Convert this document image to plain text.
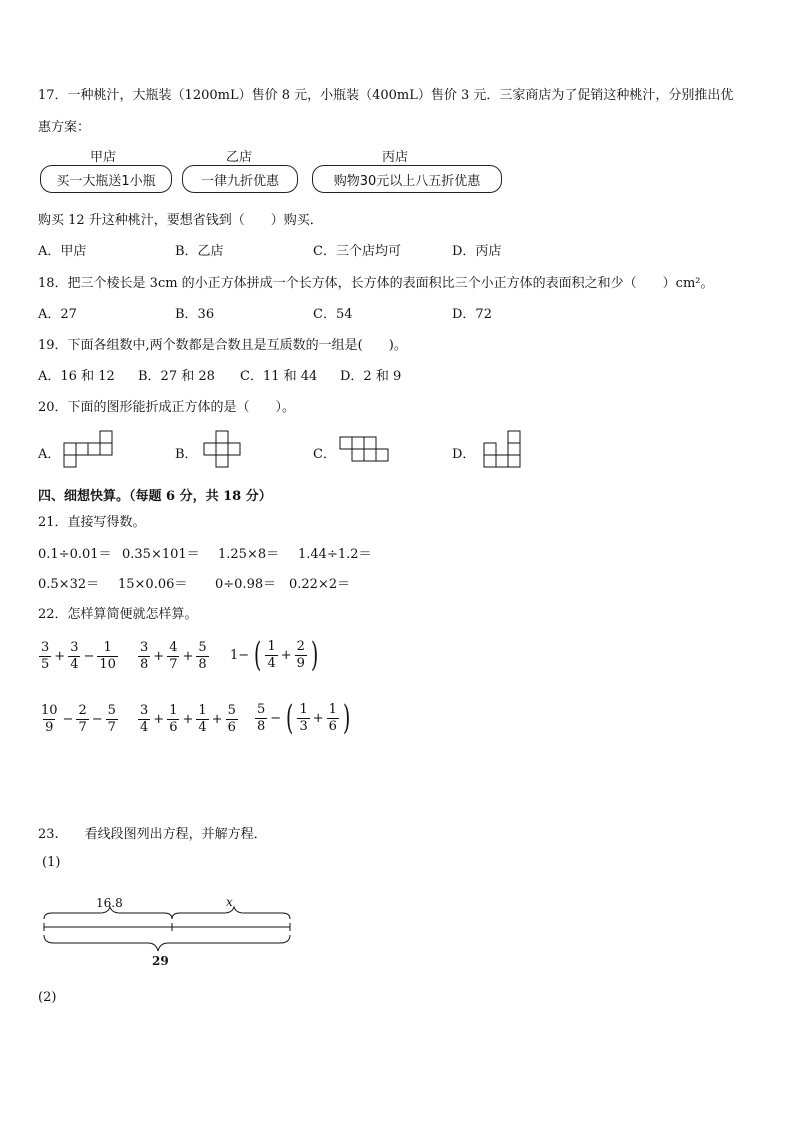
17．一种桃汁，大瓶装（1200mL）售价 8 元，小瓶装（400mL）售价 3 元．三家商店为了促销这种桃汁，分别推出优
惠方案：
甲店	乙店	丙店
买一大瓶送1小瓶	一律九折优惠	购物30元以上八五折优惠
购买 12 升这种桃汁，要想省钱到（　　）购买．
A．甲店	B．乙店	C．三个店均可	D．丙店
18．把三个棱长是 3cm 的小正方体拼成一个长方体，长方体的表面积比三个小正方体的表面积之和少（　　）cm²。
A．27	B．36	C．54	D．72
19．下面各组数中,两个数都是合数且是互质数的一组是(　　)。
A．16 和 12 B．27 和 28 C．11 和 44 D．2 和 9
20．下面的图形能折成正方体的是（　　）。
A．	B．	C．	D．
四、细想快算。（每题 6 分，共 18 分）
21．直接写得数。
0.1÷0.01＝ 0.35×101＝ 1.25×8＝ 1.44÷1.2＝
0.5×32＝ 15×0.06＝ 0÷0.98＝ 0.22×2＝
22．怎样算简便就怎样算。
$\frac{3}{5} + \frac{3}{4} - \frac{1}{10} \frac{3}{8} + \frac{4}{7} + \frac{5}{8} 1-$ ( $\frac{1}{4} + \frac{2}{9}$ )
$\frac{10}{9} - \frac{2}{7} - \frac{5}{7} \frac{3}{4} + \frac{1}{6} + \frac{1}{4} + \frac{5}{6} \frac{5}{8}$ − ( $\frac{1}{3} + \frac{1}{6}$ )
23.　　看线段图列出方程，并解方程．
(1)
16.8	x
29
(2)
